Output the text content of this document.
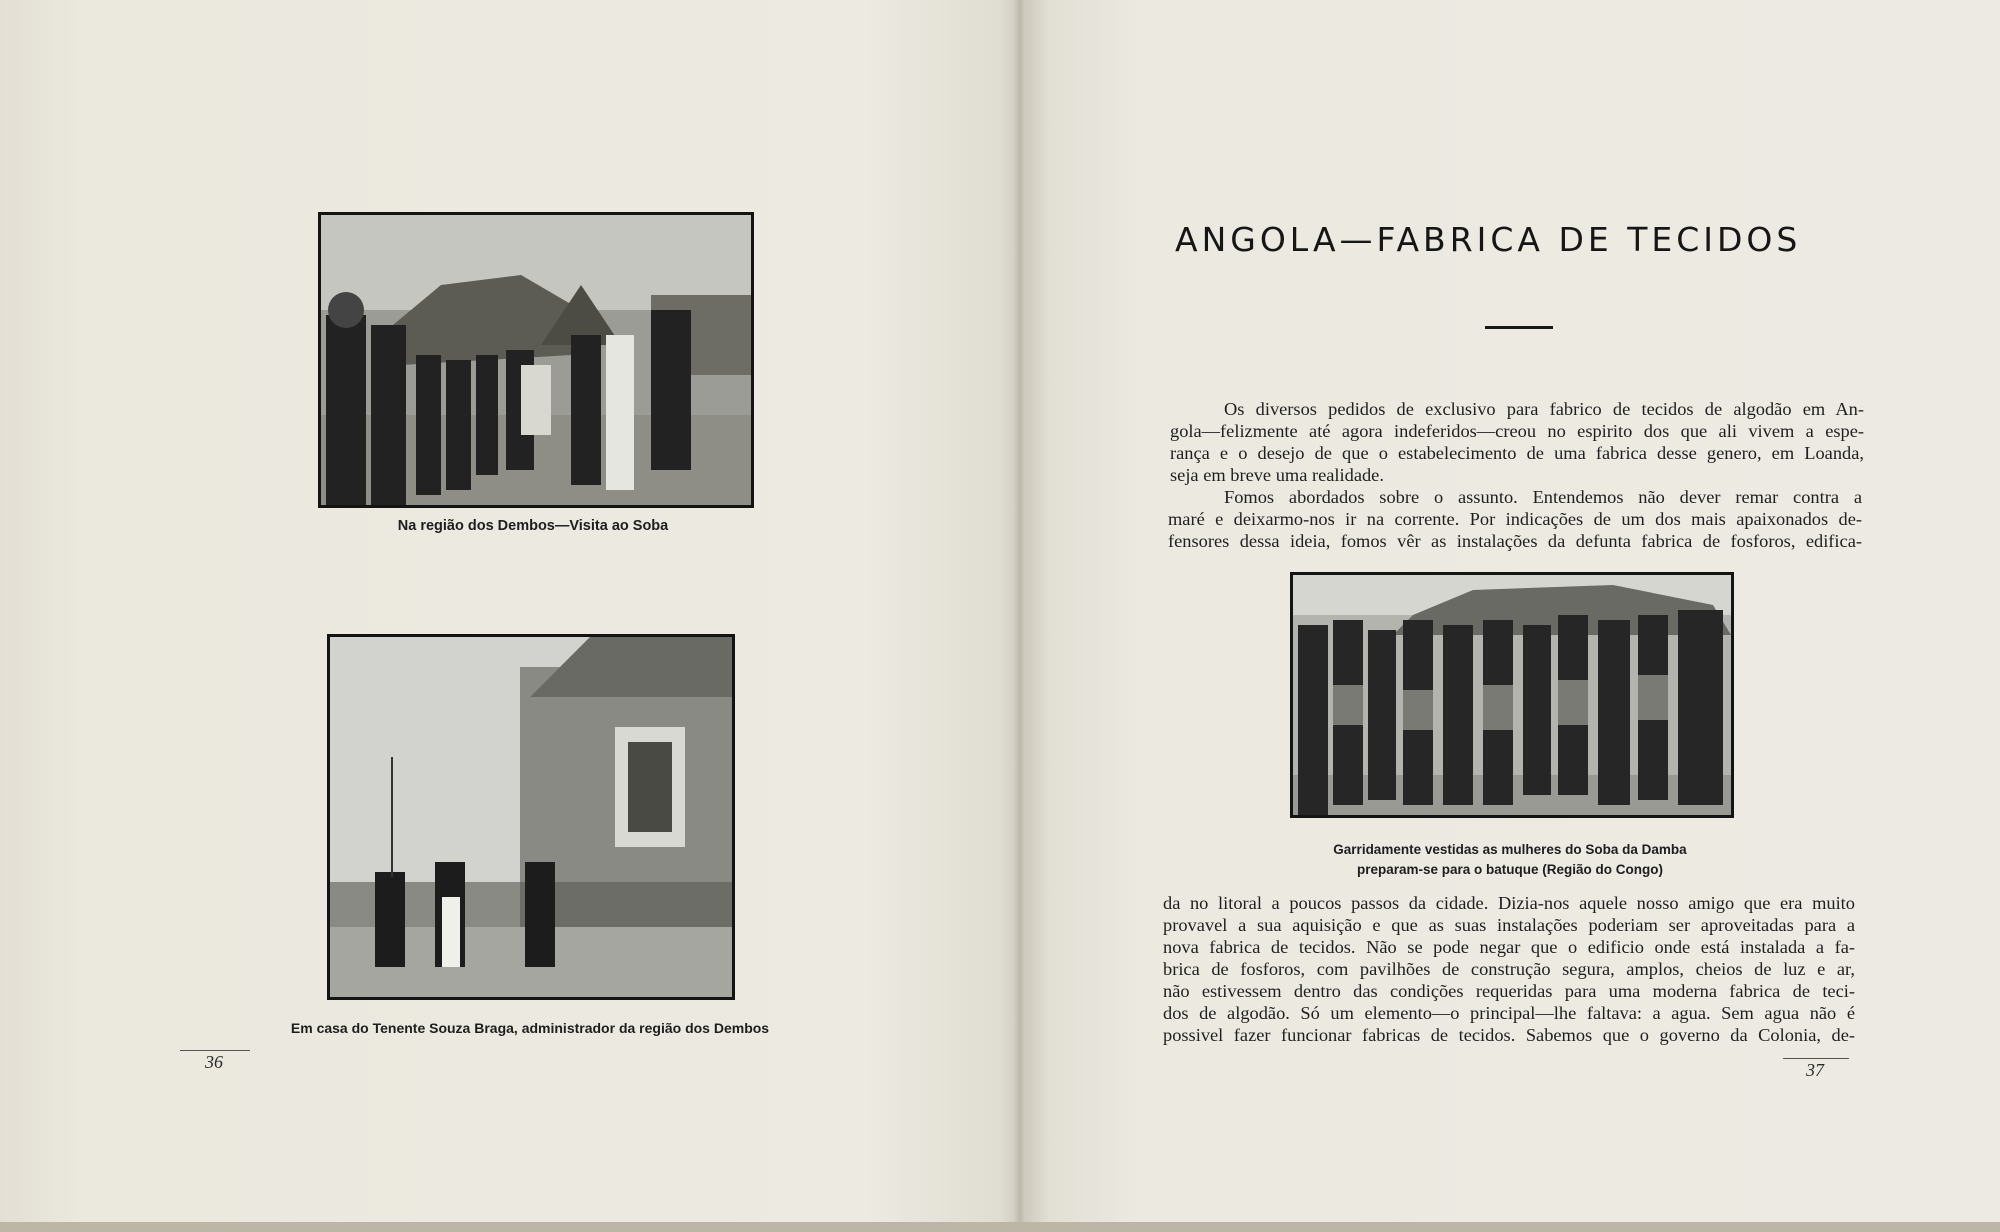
Na região dos Dembos—Visita ao Soba
Em casa do Tenente Souza Braga, administrador da região dos Dembos
36
ANGOLA—FABRICA DE TECIDOS
Os diversos pedidos de exclusivo para fabrico de tecidos de algodão em An-
gola—felizmente até agora indeferidos—creou no espirito dos que ali vivem a espe-
rança e o desejo de que o estabelecimento de uma fabrica desse genero, em Loanda,
seja em breve uma realidade.
Fomos abordados sobre o assunto. Entendemos não dever remar contra a
maré e deixarmo-nos ir na corrente. Por indicações de um dos mais apaixonados de-
fensores dessa ideia, fomos vêr as instalações da defunta fabrica de fosforos, edifica-
Garridamente vestidas as mulheres do Soba da Damba
preparam-se para o batuque (Região do Congo)
da no litoral a poucos passos da cidade. Dizia-nos aquele nosso amigo que era muito
provavel a sua aquisição e que as suas instalações poderiam ser aproveitadas para a
nova fabrica de tecidos. Não se pode negar que o edificio onde está instalada a fa-
brica de fosforos, com pavilhões de construção segura, amplos, cheios de luz e ar,
não estivessem dentro das condições requeridas para uma moderna fabrica de teci-
dos de algodão. Só um elemento—o principal—lhe faltava: a agua. Sem agua não é
possivel fazer funcionar fabricas de tecidos. Sabemos que o governo da Colonia, de-
37
